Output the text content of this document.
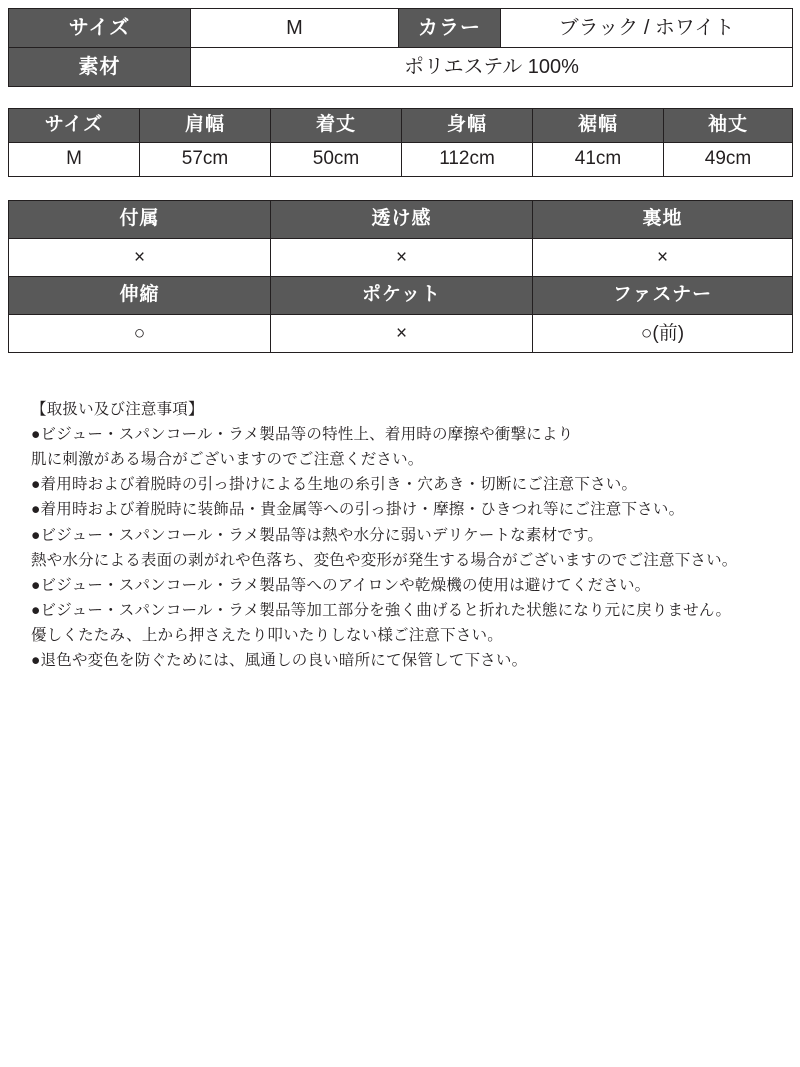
サイズ	M	カラー	ブラック / ホワイト
素材	ポリエステル 100%		
サイズ	肩幅	着丈	身幅	裾幅	袖丈
M	57cm	50cm	112cm	41cm	49cm
付属	透け感	裏地
×	×	×
伸縮	ポケット	ファスナー
○	×	○(前)
【取扱い及び注意事項】
●ビジュー・スパンコール・ラメ製品等の特性上、着用時の摩擦や衝撃により
肌に刺激がある場合がございますのでご注意ください。
●着用時および着脱時の引っ掛けによる生地の糸引き・穴あき・切断にご注意下さい。
●着用時および着脱時に装飾品・貴金属等への引っ掛け・摩擦・ひきつれ等にご注意下さい。
●ビジュー・スパンコール・ラメ製品等は熱や水分に弱いデリケートな素材です。
熱や水分による表面の剥がれや色落ち、変色や変形が発生する場合がございますのでご注意下さい。
●ビジュー・スパンコール・ラメ製品等へのアイロンや乾燥機の使用は避けてください。
●ビジュー・スパンコール・ラメ製品等加工部分を強く曲げると折れた状態になり元に戻りません。
優しくたたみ、上から押さえたり叩いたりしない様ご注意下さい。
●退色や変色を防ぐためには、風通しの良い暗所にて保管して下さい。
